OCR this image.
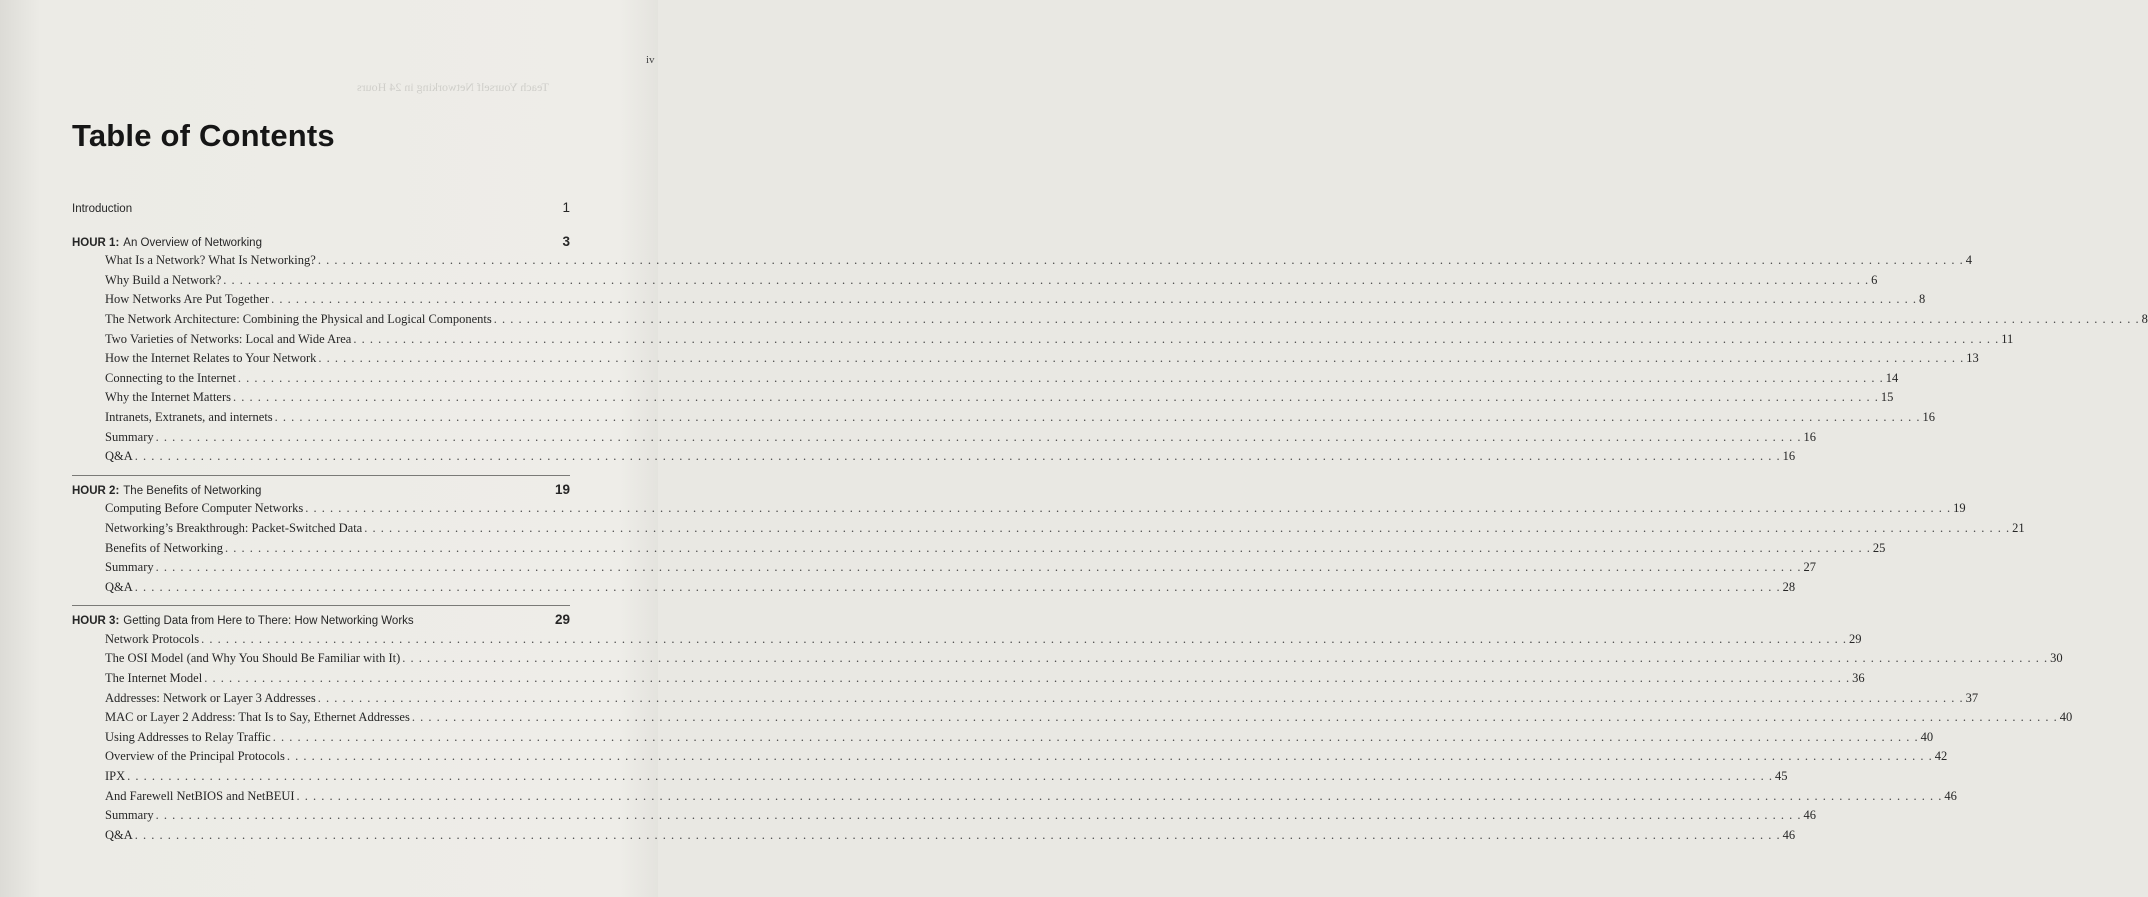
iv
Teach Yourself Networking in 24 Hours
Table of Contents
Introduction	1
HOUR 1: An Overview of Networking	3
What Is a Network? What Is Networking? . . . . . . . . . . . . . . . . . . . . . . . . . . . . . . . . . . . . . . . . . . . . . . . . . . . . . . . . . . . . . . . . . . . . . . . . . . . . . . . . . . . . . . . . . . . . . . . . . . . . . . . . . . . . . . . . . . . . . . . . . . . . . . . . . . . . . . . . . . . . . . . . . . . . . . . . . . . . . . . . . . . . . . . . . . . . . . . . . . . . . . . . . . . . . . . . . . . . . . . . 4
Why Build a Network? . . . . . . . . . . . . . . . . . . . . . . . . . . . . . . . . . . . . . . . . . . . . . . . . . . . . . . . . . . . . . . . . . . . . . . . . . . . . . . . . . . . . . . . . . . . . . . . . . . . . . . . . . . . . . . . . . . . . . . . . . . . . . . . . . . . . . . . . . . . . . . . . . . . . . . . . . . . . . . . . . . . . . . . . . . . . . . . . . . . . . . . . . . . . . . . . . . . . . . . . 6
How Networks Are Put Together . . . . . . . . . . . . . . . . . . . . . . . . . . . . . . . . . . . . . . . . . . . . . . . . . . . . . . . . . . . . . . . . . . . . . . . . . . . . . . . . . . . . . . . . . . . . . . . . . . . . . . . . . . . . . . . . . . . . . . . . . . . . . . . . . . . . . . . . . . . . . . . . . . . . . . . . . . . . . . . . . . . . . . . . . . . . . . . . . . . . . . . . . . . . . . . . . . . . . . . . 8
The Network Architecture: Combining the Physical and Logical Components . . . . . . . . . . . . . . . . . . . . . . . . . . . . . . . . . . . . . . . . . . . . . . . . . . . . . . . . . . . . . . . . . . . . . . . . . . . . . . . . . . . . . . . . . . . . . . . . . . . . . . . . . . . . . . . . . . . . . . . . . . . . . . . . . . . . . . . . . . . . . . . . . . . . . . . . . . . . . . . . . . . . . . . . . . . . . . . . . . . . . . . . . . . . . . . . . . . . . . . . 8
Two Varieties of Networks: Local and Wide Area . . . . . . . . . . . . . . . . . . . . . . . . . . . . . . . . . . . . . . . . . . . . . . . . . . . . . . . . . . . . . . . . . . . . . . . . . . . . . . . . . . . . . . . . . . . . . . . . . . . . . . . . . . . . . . . . . . . . . . . . . . . . . . . . . . . . . . . . . . . . . . . . . . . . . . . . . . . . . . . . . . . . . . . . . . . . . . . . . . . . . . . . . . . . . . . . . . . . . . . . 11
How the Internet Relates to Your Network . . . . . . . . . . . . . . . . . . . . . . . . . . . . . . . . . . . . . . . . . . . . . . . . . . . . . . . . . . . . . . . . . . . . . . . . . . . . . . . . . . . . . . . . . . . . . . . . . . . . . . . . . . . . . . . . . . . . . . . . . . . . . . . . . . . . . . . . . . . . . . . . . . . . . . . . . . . . . . . . . . . . . . . . . . . . . . . . . . . . . . . . . . . . . . . . . . . . . . . . 13
Connecting to the Internet . . . . . . . . . . . . . . . . . . . . . . . . . . . . . . . . . . . . . . . . . . . . . . . . . . . . . . . . . . . . . . . . . . . . . . . . . . . . . . . . . . . . . . . . . . . . . . . . . . . . . . . . . . . . . . . . . . . . . . . . . . . . . . . . . . . . . . . . . . . . . . . . . . . . . . . . . . . . . . . . . . . . . . . . . . . . . . . . . . . . . . . . . . . . . . . . . . . . . . . . 14
Why the Internet Matters . . . . . . . . . . . . . . . . . . . . . . . . . . . . . . . . . . . . . . . . . . . . . . . . . . . . . . . . . . . . . . . . . . . . . . . . . . . . . . . . . . . . . . . . . . . . . . . . . . . . . . . . . . . . . . . . . . . . . . . . . . . . . . . . . . . . . . . . . . . . . . . . . . . . . . . . . . . . . . . . . . . . . . . . . . . . . . . . . . . . . . . . . . . . . . . . . . . . . . . . 15
Intranets, Extranets, and internets . . . . . . . . . . . . . . . . . . . . . . . . . . . . . . . . . . . . . . . . . . . . . . . . . . . . . . . . . . . . . . . . . . . . . . . . . . . . . . . . . . . . . . . . . . . . . . . . . . . . . . . . . . . . . . . . . . . . . . . . . . . . . . . . . . . . . . . . . . . . . . . . . . . . . . . . . . . . . . . . . . . . . . . . . . . . . . . . . . . . . . . . . . . . . . . . . . . . . . . . 16
Summary . . . . . . . . . . . . . . . . . . . . . . . . . . . . . . . . . . . . . . . . . . . . . . . . . . . . . . . . . . . . . . . . . . . . . . . . . . . . . . . . . . . . . . . . . . . . . . . . . . . . . . . . . . . . . . . . . . . . . . . . . . . . . . . . . . . . . . . . . . . . . . . . . . . . . . . . . . . . . . . . . . . . . . . . . . . . . . . . . . . . . . . . . . . . . . . . . . . . . . . . 16
Q&A . . . . . . . . . . . . . . . . . . . . . . . . . . . . . . . . . . . . . . . . . . . . . . . . . . . . . . . . . . . . . . . . . . . . . . . . . . . . . . . . . . . . . . . . . . . . . . . . . . . . . . . . . . . . . . . . . . . . . . . . . . . . . . . . . . . . . . . . . . . . . . . . . . . . . . . . . . . . . . . . . . . . . . . . . . . . . . . . . . . . . . . . . . . . . . . . . . . . . . . . 16
HOUR 2: The Benefits of Networking	19
Computing Before Computer Networks . . . . . . . . . . . . . . . . . . . . . . . . . . . . . . . . . . . . . . . . . . . . . . . . . . . . . . . . . . . . . . . . . . . . . . . . . . . . . . . . . . . . . . . . . . . . . . . . . . . . . . . . . . . . . . . . . . . . . . . . . . . . . . . . . . . . . . . . . . . . . . . . . . . . . . . . . . . . . . . . . . . . . . . . . . . . . . . . . . . . . . . . . . . . . . . . . . . . . . . . 19
Networking’s Breakthrough: Packet-Switched Data . . . . . . . . . . . . . . . . . . . . . . . . . . . . . . . . . . . . . . . . . . . . . . . . . . . . . . . . . . . . . . . . . . . . . . . . . . . . . . . . . . . . . . . . . . . . . . . . . . . . . . . . . . . . . . . . . . . . . . . . . . . . . . . . . . . . . . . . . . . . . . . . . . . . . . . . . . . . . . . . . . . . . . . . . . . . . . . . . . . . . . . . . . . . . . . . . . . . . . . . 21
Benefits of Networking . . . . . . . . . . . . . . . . . . . . . . . . . . . . . . . . . . . . . . . . . . . . . . . . . . . . . . . . . . . . . . . . . . . . . . . . . . . . . . . . . . . . . . . . . . . . . . . . . . . . . . . . . . . . . . . . . . . . . . . . . . . . . . . . . . . . . . . . . . . . . . . . . . . . . . . . . . . . . . . . . . . . . . . . . . . . . . . . . . . . . . . . . . . . . . . . . . . . . . . . 25
Summary . . . . . . . . . . . . . . . . . . . . . . . . . . . . . . . . . . . . . . . . . . . . . . . . . . . . . . . . . . . . . . . . . . . . . . . . . . . . . . . . . . . . . . . . . . . . . . . . . . . . . . . . . . . . . . . . . . . . . . . . . . . . . . . . . . . . . . . . . . . . . . . . . . . . . . . . . . . . . . . . . . . . . . . . . . . . . . . . . . . . . . . . . . . . . . . . . . . . . . . . 27
Q&A . . . . . . . . . . . . . . . . . . . . . . . . . . . . . . . . . . . . . . . . . . . . . . . . . . . . . . . . . . . . . . . . . . . . . . . . . . . . . . . . . . . . . . . . . . . . . . . . . . . . . . . . . . . . . . . . . . . . . . . . . . . . . . . . . . . . . . . . . . . . . . . . . . . . . . . . . . . . . . . . . . . . . . . . . . . . . . . . . . . . . . . . . . . . . . . . . . . . . . . . 28
HOUR 3: Getting Data from Here to There: How Networking Works	29
Network Protocols . . . . . . . . . . . . . . . . . . . . . . . . . . . . . . . . . . . . . . . . . . . . . . . . . . . . . . . . . . . . . . . . . . . . . . . . . . . . . . . . . . . . . . . . . . . . . . . . . . . . . . . . . . . . . . . . . . . . . . . . . . . . . . . . . . . . . . . . . . . . . . . . . . . . . . . . . . . . . . . . . . . . . . . . . . . . . . . . . . . . . . . . . . . . . . . . . . . . . . . . 29
The OSI Model (and Why You Should Be Familiar with It) . . . . . . . . . . . . . . . . . . . . . . . . . . . . . . . . . . . . . . . . . . . . . . . . . . . . . . . . . . . . . . . . . . . . . . . . . . . . . . . . . . . . . . . . . . . . . . . . . . . . . . . . . . . . . . . . . . . . . . . . . . . . . . . . . . . . . . . . . . . . . . . . . . . . . . . . . . . . . . . . . . . . . . . . . . . . . . . . . . . . . . . . . . . . . . . . . . . . . . . . 30
The Internet Model . . . . . . . . . . . . . . . . . . . . . . . . . . . . . . . . . . . . . . . . . . . . . . . . . . . . . . . . . . . . . . . . . . . . . . . . . . . . . . . . . . . . . . . . . . . . . . . . . . . . . . . . . . . . . . . . . . . . . . . . . . . . . . . . . . . . . . . . . . . . . . . . . . . . . . . . . . . . . . . . . . . . . . . . . . . . . . . . . . . . . . . . . . . . . . . . . . . . . . . . 36
Addresses: Network or Layer 3 Addresses . . . . . . . . . . . . . . . . . . . . . . . . . . . . . . . . . . . . . . . . . . . . . . . . . . . . . . . . . . . . . . . . . . . . . . . . . . . . . . . . . . . . . . . . . . . . . . . . . . . . . . . . . . . . . . . . . . . . . . . . . . . . . . . . . . . . . . . . . . . . . . . . . . . . . . . . . . . . . . . . . . . . . . . . . . . . . . . . . . . . . . . . . . . . . . . . . . . . . . . . 37
MAC or Layer 2 Address: That Is to Say, Ethernet Addresses . . . . . . . . . . . . . . . . . . . . . . . . . . . . . . . . . . . . . . . . . . . . . . . . . . . . . . . . . . . . . . . . . . . . . . . . . . . . . . . . . . . . . . . . . . . . . . . . . . . . . . . . . . . . . . . . . . . . . . . . . . . . . . . . . . . . . . . . . . . . . . . . . . . . . . . . . . . . . . . . . . . . . . . . . . . . . . . . . . . . . . . . . . . . . . . . . . . . . . . . 40
Using Addresses to Relay Traffic . . . . . . . . . . . . . . . . . . . . . . . . . . . . . . . . . . . . . . . . . . . . . . . . . . . . . . . . . . . . . . . . . . . . . . . . . . . . . . . . . . . . . . . . . . . . . . . . . . . . . . . . . . . . . . . . . . . . . . . . . . . . . . . . . . . . . . . . . . . . . . . . . . . . . . . . . . . . . . . . . . . . . . . . . . . . . . . . . . . . . . . . . . . . . . . . . . . . . . . . 40
Overview of the Principal Protocols . . . . . . . . . . . . . . . . . . . . . . . . . . . . . . . . . . . . . . . . . . . . . . . . . . . . . . . . . . . . . . . . . . . . . . . . . . . . . . . . . . . . . . . . . . . . . . . . . . . . . . . . . . . . . . . . . . . . . . . . . . . . . . . . . . . . . . . . . . . . . . . . . . . . . . . . . . . . . . . . . . . . . . . . . . . . . . . . . . . . . . . . . . . . . . . . . . . . . . . . 42
IPX . . . . . . . . . . . . . . . . . . . . . . . . . . . . . . . . . . . . . . . . . . . . . . . . . . . . . . . . . . . . . . . . . . . . . . . . . . . . . . . . . . . . . . . . . . . . . . . . . . . . . . . . . . . . . . . . . . . . . . . . . . . . . . . . . . . . . . . . . . . . . . . . . . . . . . . . . . . . . . . . . . . . . . . . . . . . . . . . . . . . . . . . . . . . . . . . . . . . . . . . 45
And Farewell NetBIOS and NetBEUI . . . . . . . . . . . . . . . . . . . . . . . . . . . . . . . . . . . . . . . . . . . . . . . . . . . . . . . . . . . . . . . . . . . . . . . . . . . . . . . . . . . . . . . . . . . . . . . . . . . . . . . . . . . . . . . . . . . . . . . . . . . . . . . . . . . . . . . . . . . . . . . . . . . . . . . . . . . . . . . . . . . . . . . . . . . . . . . . . . . . . . . . . . . . . . . . . . . . . . . . 46
Summary . . . . . . . . . . . . . . . . . . . . . . . . . . . . . . . . . . . . . . . . . . . . . . . . . . . . . . . . . . . . . . . . . . . . . . . . . . . . . . . . . . . . . . . . . . . . . . . . . . . . . . . . . . . . . . . . . . . . . . . . . . . . . . . . . . . . . . . . . . . . . . . . . . . . . . . . . . . . . . . . . . . . . . . . . . . . . . . . . . . . . . . . . . . . . . . . . . . . . . . . 46
Q&A . . . . . . . . . . . . . . . . . . . . . . . . . . . . . . . . . . . . . . . . . . . . . . . . . . . . . . . . . . . . . . . . . . . . . . . . . . . . . . . . . . . . . . . . . . . . . . . . . . . . . . . . . . . . . . . . . . . . . . . . . . . . . . . . . . . . . . . . . . . . . . . . . . . . . . . . . . . . . . . . . . . . . . . . . . . . . . . . . . . . . . . . . . . . . . . . . . . . . . . . 46
